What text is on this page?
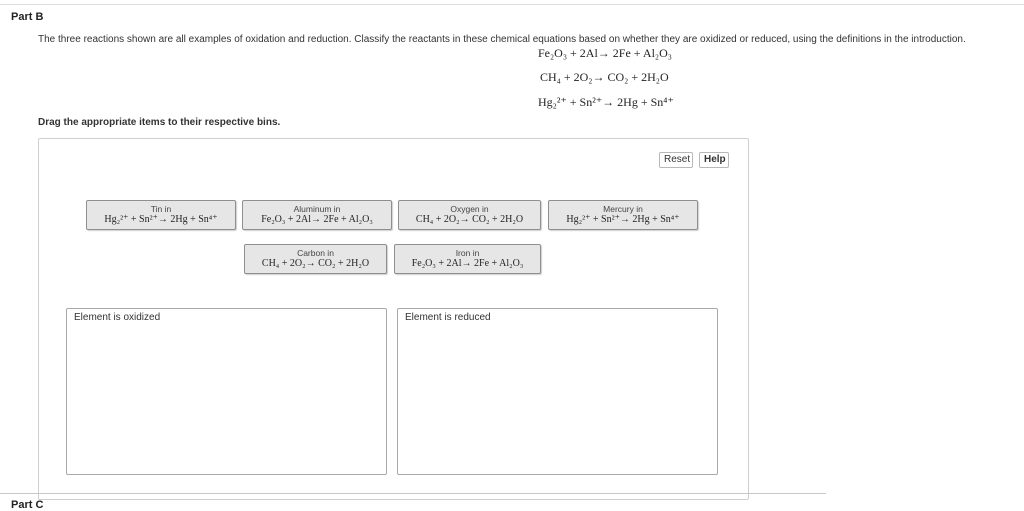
Part B
The three reactions shown are all examples of oxidation and reduction. Classify the reactants in these chemical equations based on whether they are oxidized or reduced, using the definitions in the introduction.
Fe₂O₃ + 2Al→ 2Fe + Al₂O₃
CH₄ + 2O₂→ CO₂ + 2H₂O
Hg₂²⁺ + Sn²⁺→ 2Hg + Sn⁴⁺
Drag the appropriate items to their respective bins.
Reset	Help
Tin in
Hg₂²⁺ + Sn²⁺→ 2Hg + Sn⁴⁺
Aluminum in
Fe₂O₃ + 2Al→ 2Fe + Al₂O₃
Oxygen in
CH₄ + 2O₂→ CO₂ + 2H₂O
Mercury in
Hg₂²⁺ + Sn²⁺→ 2Hg + Sn⁴⁺
Carbon in
CH₄ + 2O₂→ CO₂ + 2H₂O
Iron in
Fe₂O₃ + 2Al→ 2Fe + Al₂O₃
Element is oxidized	Element is reduced
Part C
